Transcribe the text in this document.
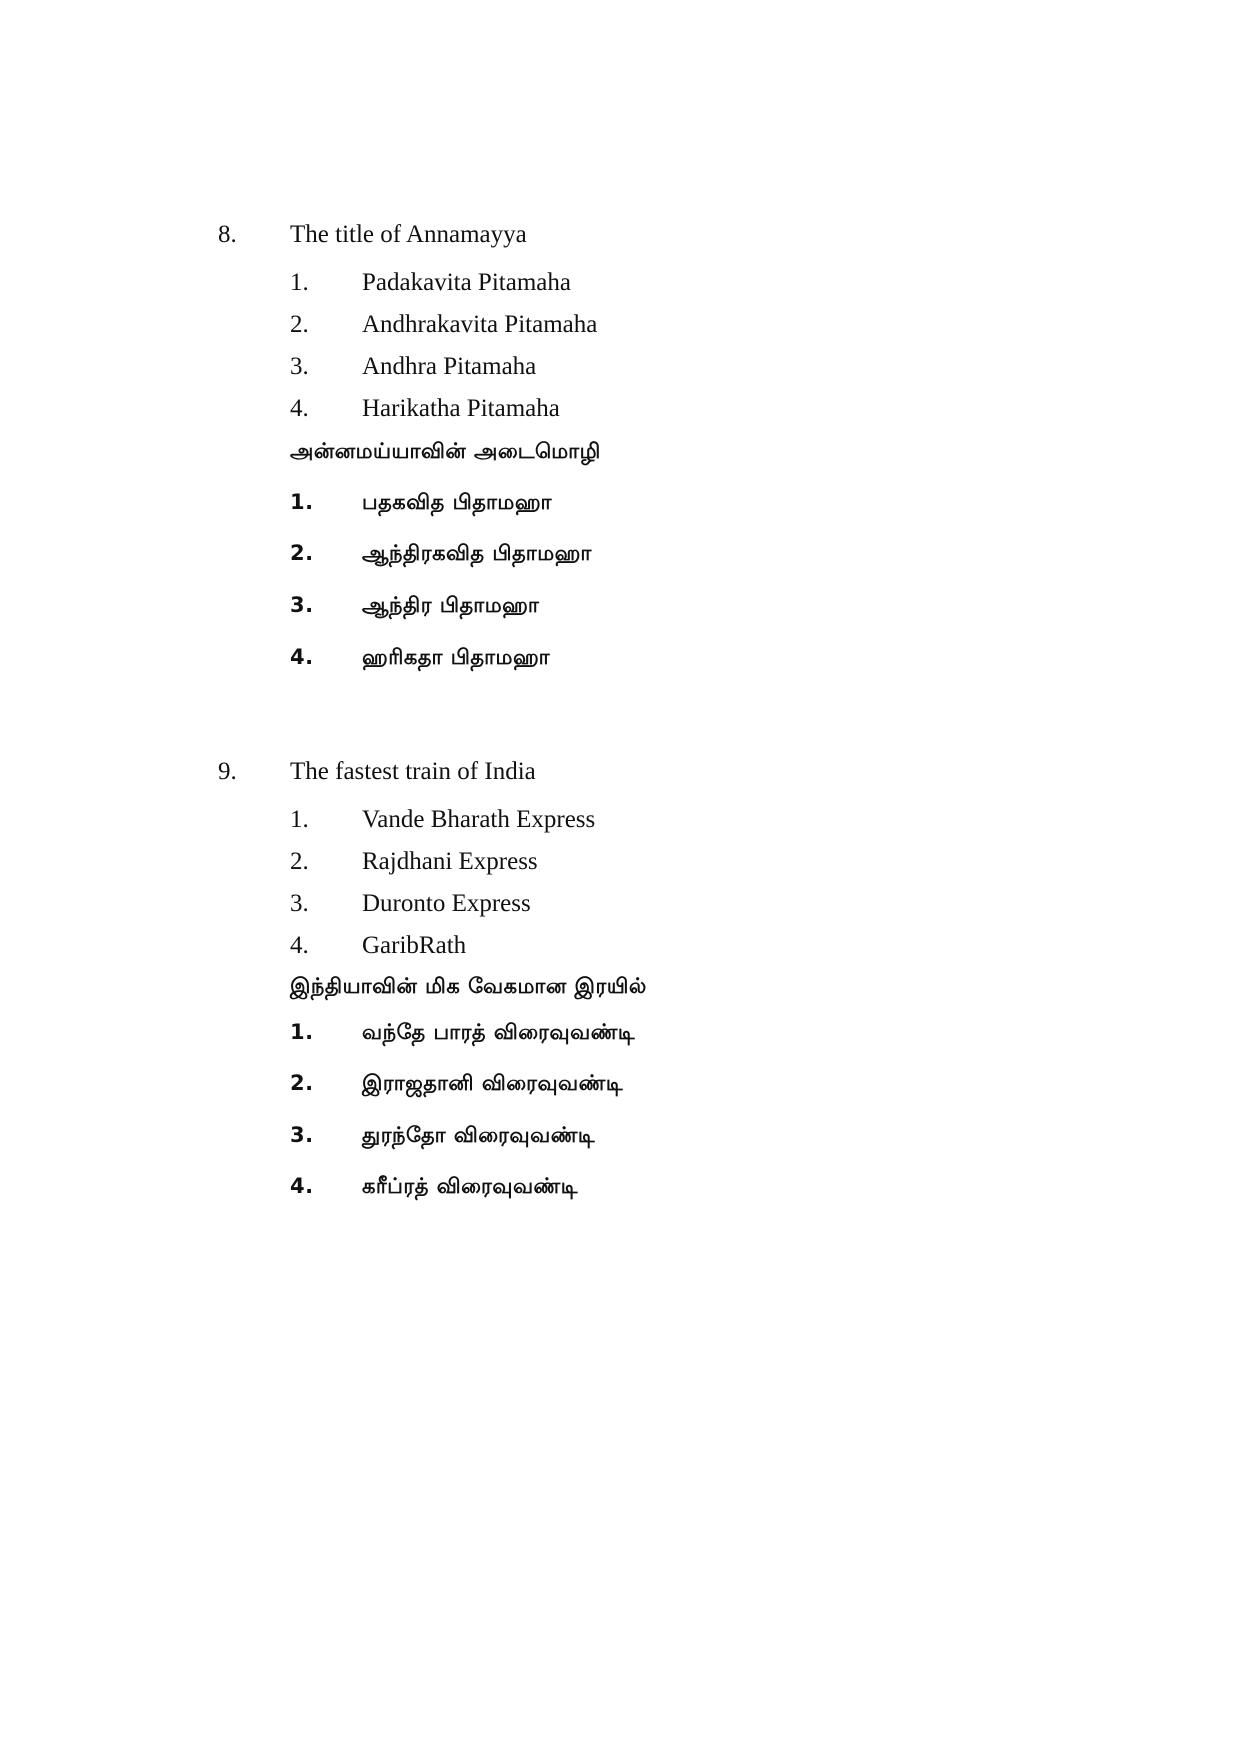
8. The title of Annamayya
1. Padakavita Pitamaha
2. Andhrakavita Pitamaha
3. Andhra Pitamaha
4. Harikatha Pitamaha
அன்னமய்யாவின் அடைமொழி
1. பதகவித பிதாமஹா
2. ஆந்திரகவித பிதாமஹா
3. ஆந்திர பிதாமஹா
4. ஹரிகதா பிதாமஹா
9. The fastest train of India
1. Vande Bharath Express
2. Rajdhani Express
3. Duronto Express
4. GaribRath
இந்தியாவின் மிக வேகமான இரயில்
1. வந்தே பாரத் விரைவுவண்டி
2. இராஜதானி விரைவுவண்டி
3. துரந்தோ விரைவுவண்டி
4. கரீப்ரத் விரைவுவண்டி
